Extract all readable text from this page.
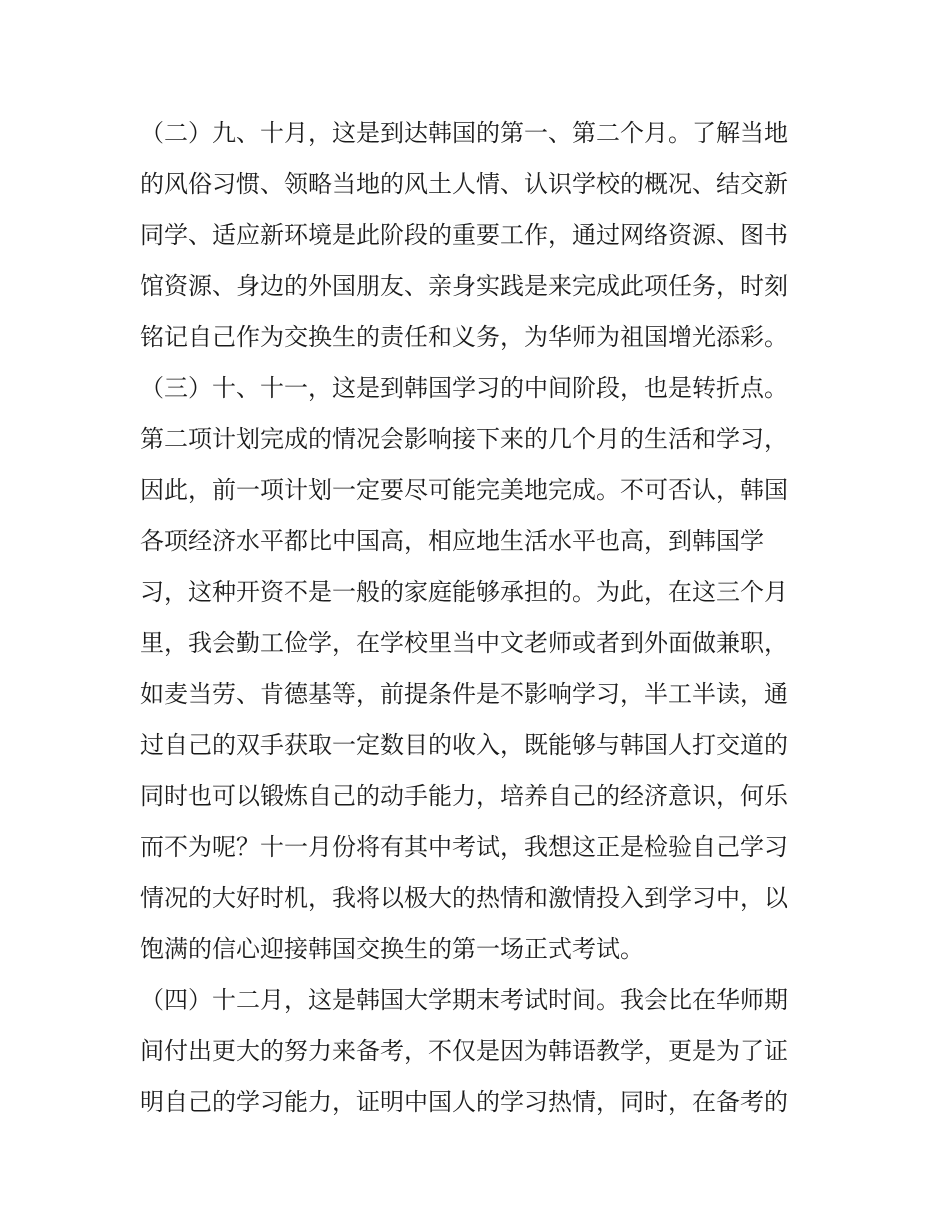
（二）九、十月，这是到达韩国的第一、第二个月。了解当地
的风俗习惯、领略当地的风土人情、认识学校的概况、结交新
同学、适应新环境是此阶段的重要工作，通过网络资源、图书
馆资源、身边的外国朋友、亲身实践是来完成此项任务，时刻
铭记自己作为交换生的责任和义务，为华师为祖国增光添彩。
（三）十、十一，这是到韩国学习的中间阶段，也是转折点。
第二项计划完成的情况会影响接下来的几个月的生活和学习，
因此，前一项计划一定要尽可能完美地完成。不可否认，韩国
各项经济水平都比中国高，相应地生活水平也高，到韩国学
习，这种开资不是一般的家庭能够承担的。为此，在这三个月
里，我会勤工俭学，在学校里当中文老师或者到外面做兼职，
如麦当劳、肯德基等，前提条件是不影响学习，半工半读，通
过自己的双手获取一定数目的收入，既能够与韩国人打交道的
同时也可以锻炼自己的动手能力，培养自己的经济意识，何乐
而不为呢？十一月份将有其中考试，我想这正是检验自己学习
情况的大好时机，我将以极大的热情和激情投入到学习中，以
饱满的信心迎接韩国交换生的第一场正式考试。
（四）十二月，这是韩国大学期末考试时间。我会比在华师期
间付出更大的努力来备考，不仅是因为韩语教学，更是为了证
明自己的学习能力，证明中国人的学习热情，同时，在备考的
